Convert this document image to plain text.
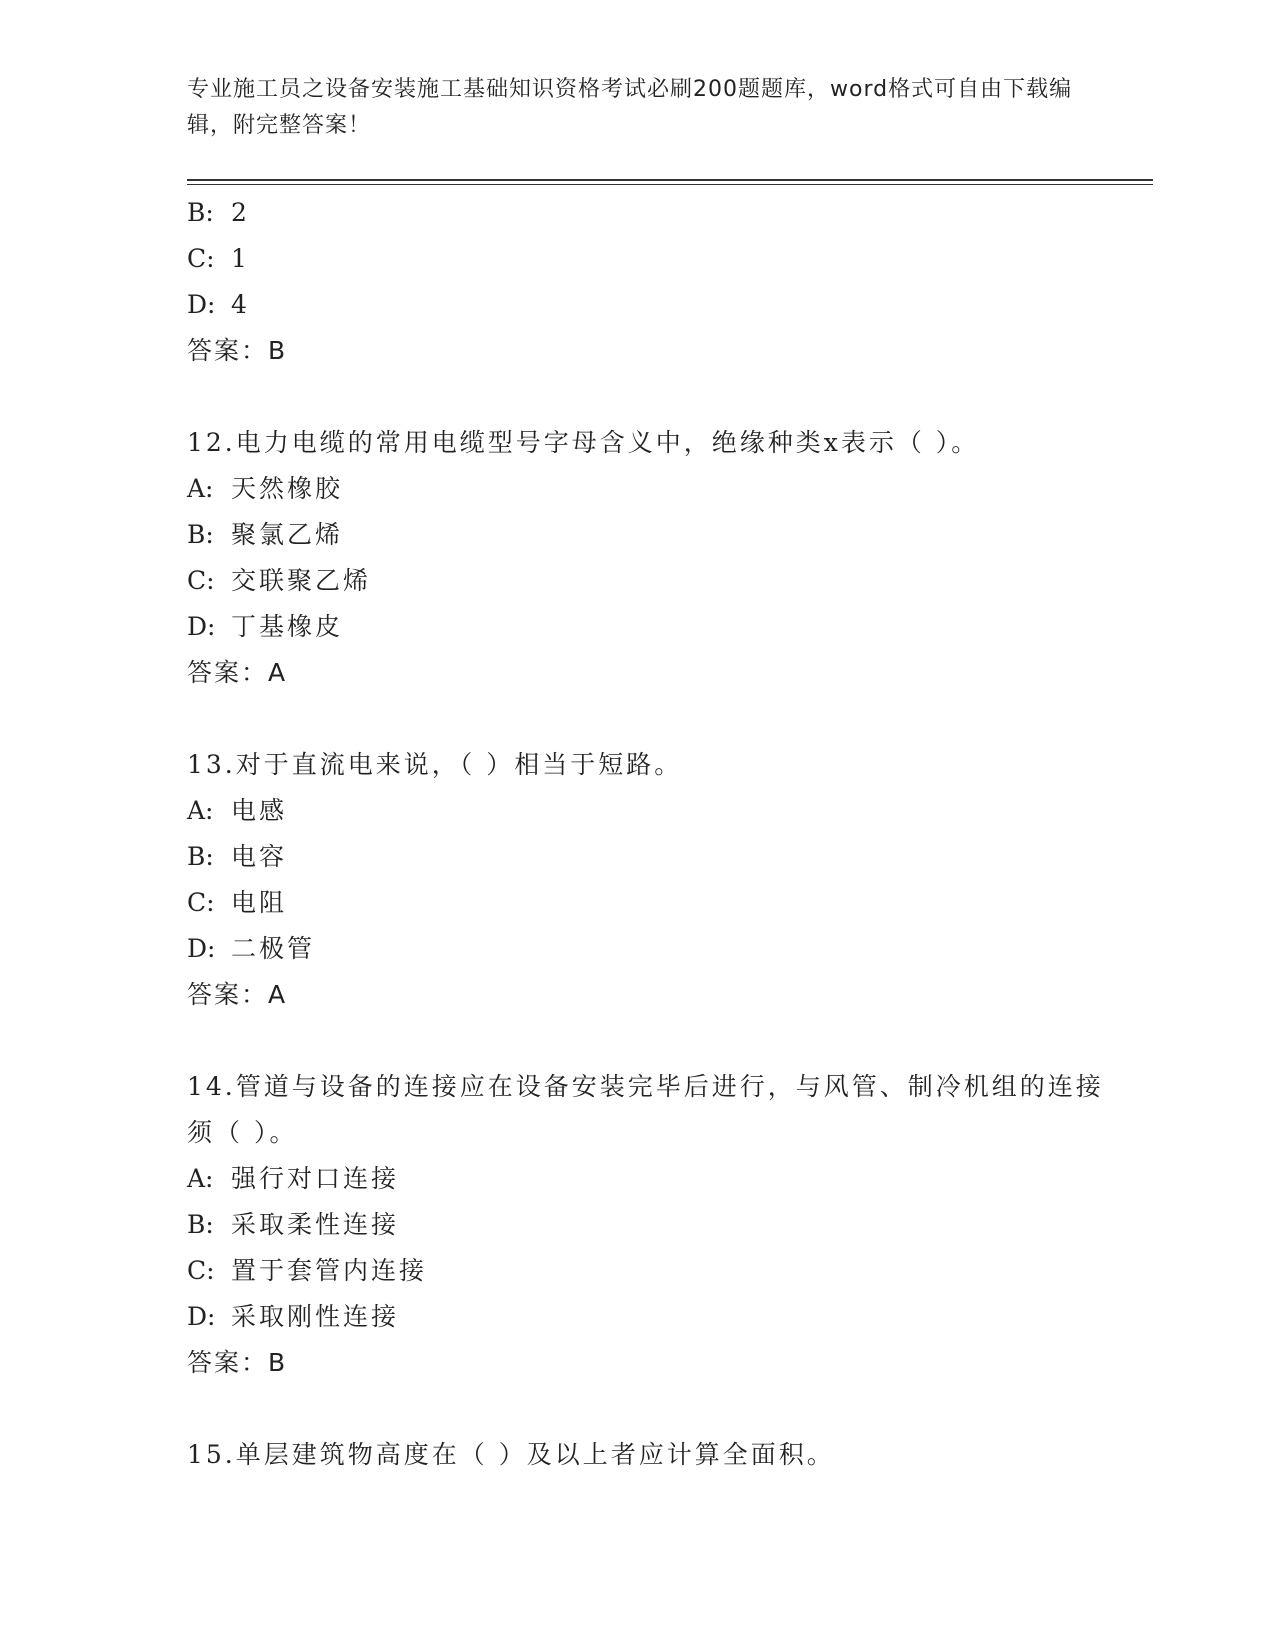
专业施工员之设备安装施工基础知识资格考试必刷200题题库，word格式可自由下载编辑，附完整答案！
B: 2
C: 1
D: 4
答案：B
12.电力电缆的常用电缆型号字母含义中，绝缘种类x表示（ ）。
A: 天然橡胶
B: 聚氯乙烯
C: 交联聚乙烯
D: 丁基橡皮
答案：A
13.对于直流电来说，（ ）相当于短路。
A: 电感
B: 电容
C: 电阻
D: 二极管
答案：A
14.管道与设备的连接应在设备安装完毕后进行，与风管、制冷机组的连接须（ ）。
A: 强行对口连接
B: 采取柔性连接
C: 置于套管内连接
D: 采取刚性连接
答案：B
15.单层建筑物高度在（ ）及以上者应计算全面积。
